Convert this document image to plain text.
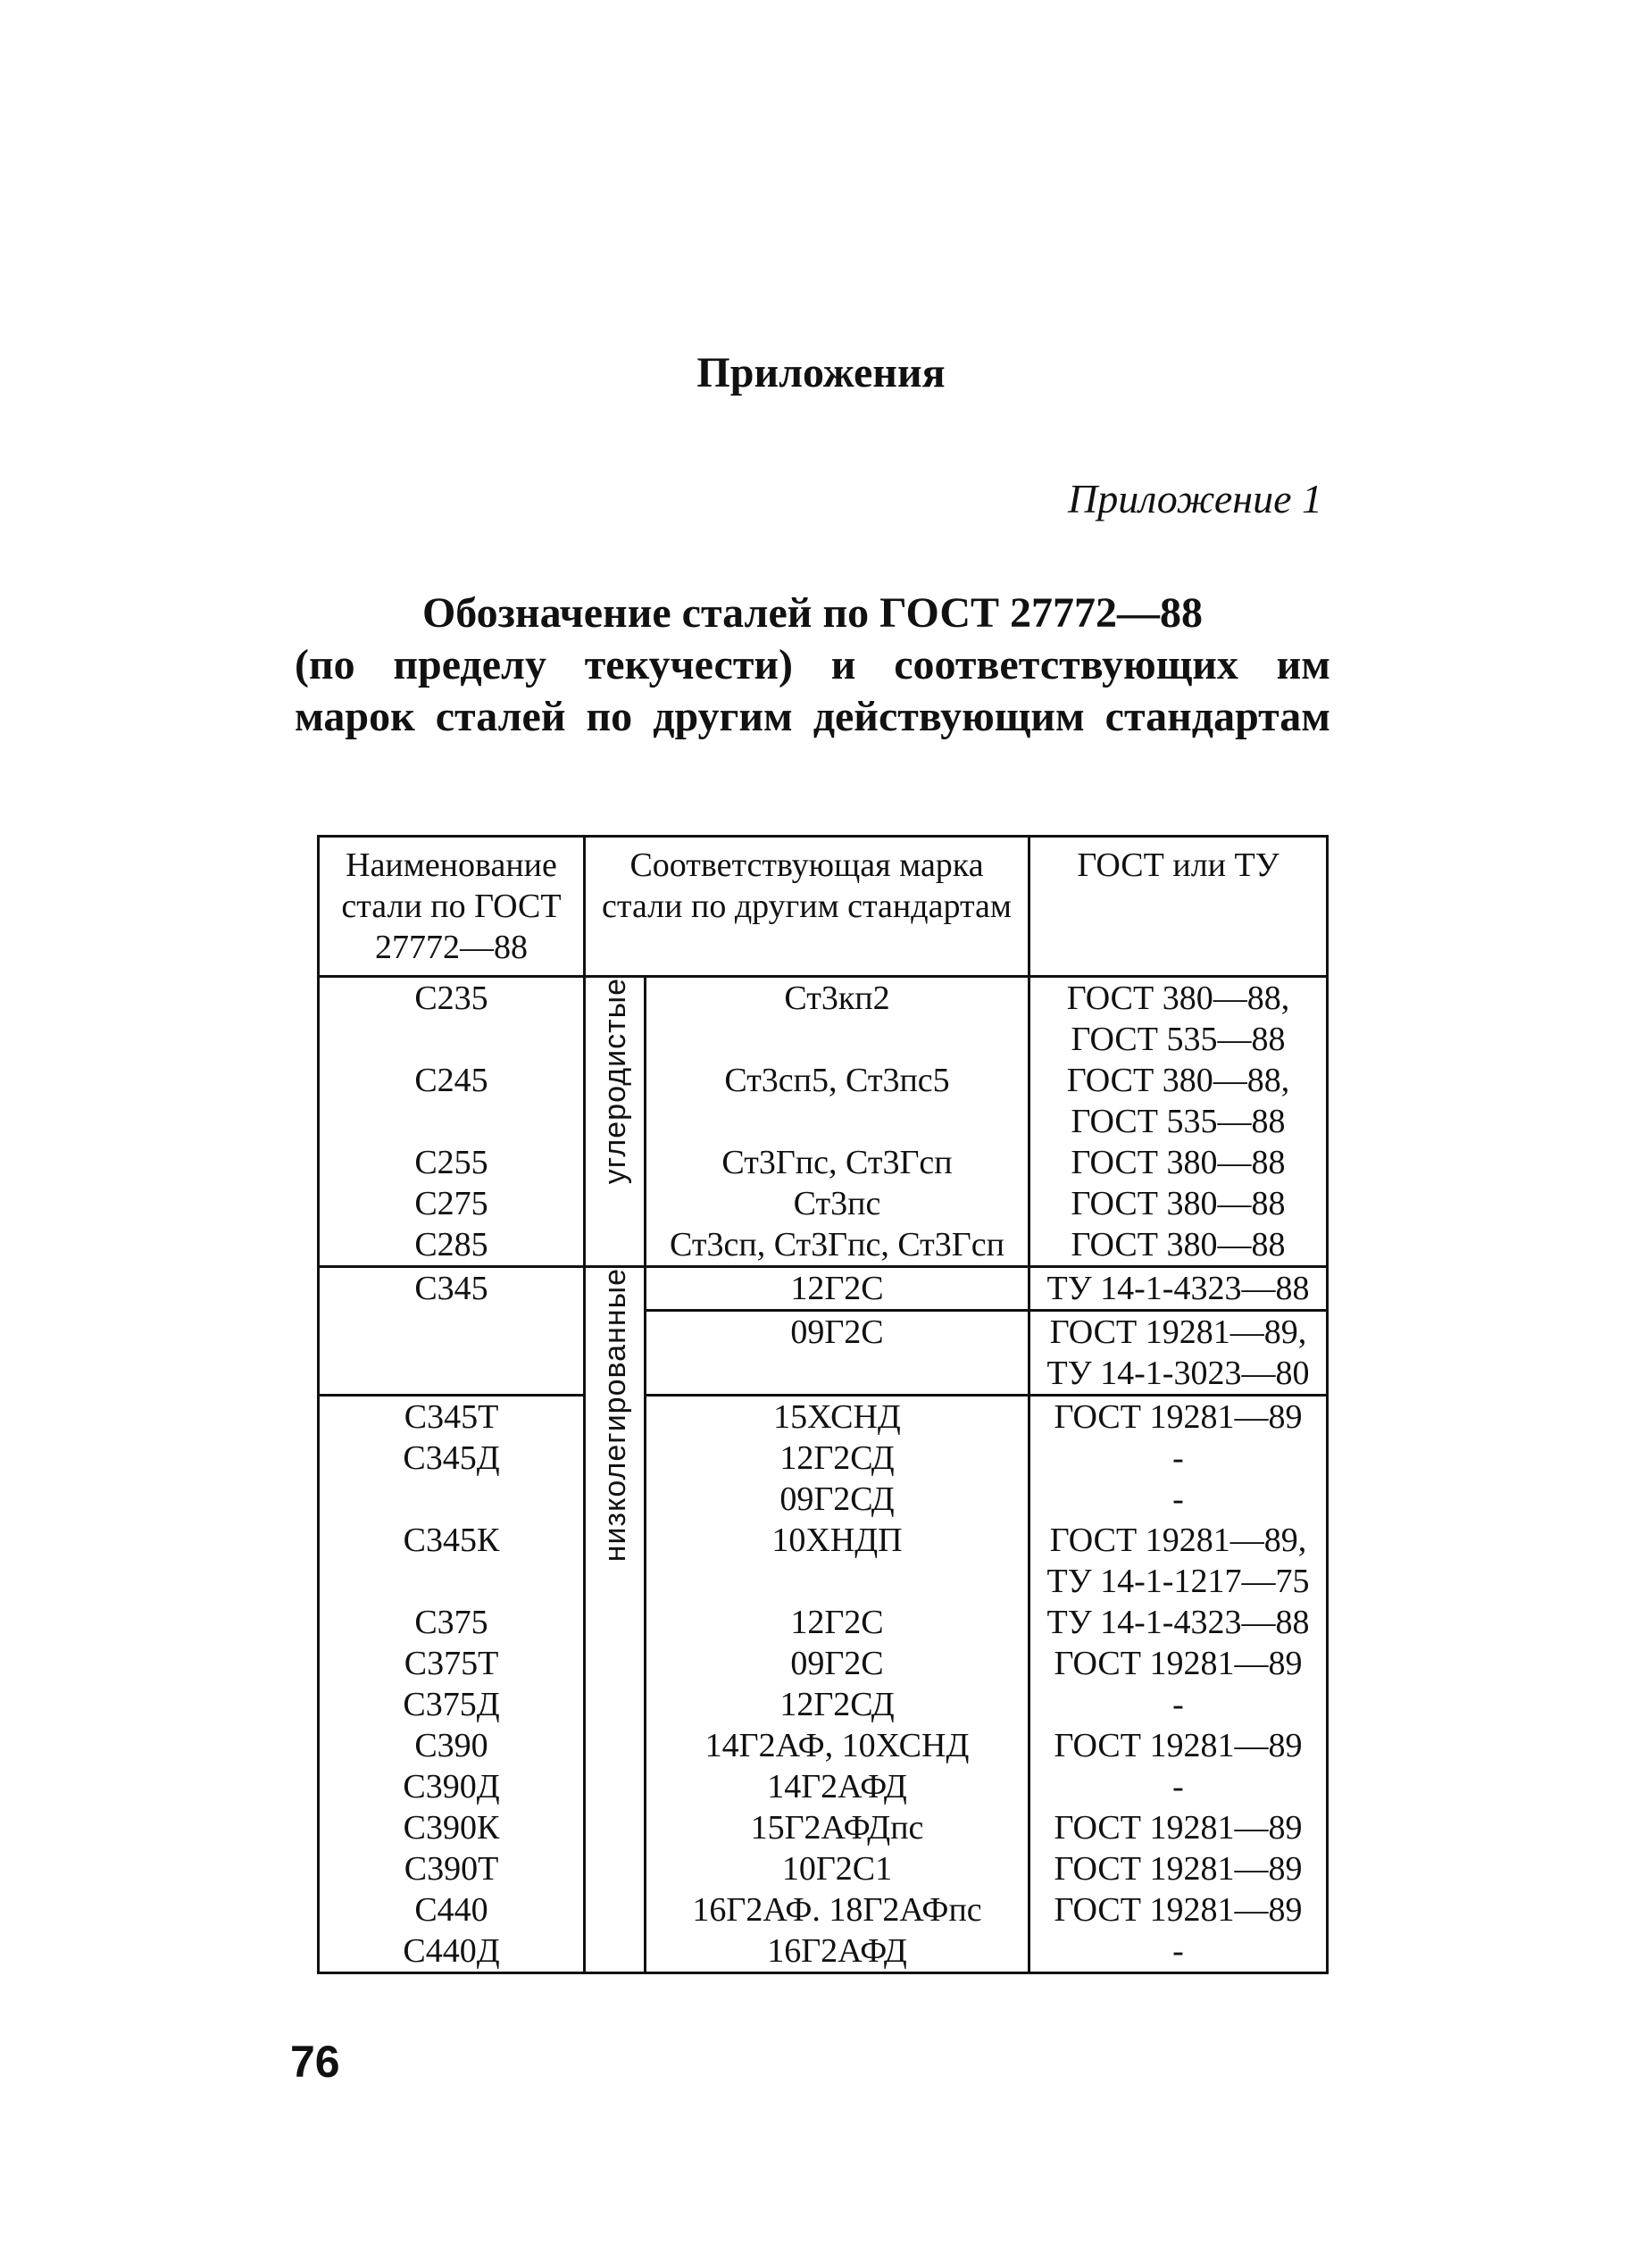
Приложения
Приложение 1
Обозначение сталей по ГОСТ 27772—88
(по пределу текучести) и соответствующих им
марок сталей по другим действующим стандартам
Наименование стали по ГОСТ 27772—88	Соответствующая марка стали по другим стандартам		ГОСТ или ТУ

С235	углеродистые	Ст3кп2	ГОСТ 380—88,
ГОСТ 535—88

С245		Ст3сп5, Ст3пс5	ГОСТ 380—88,
ГОСТ 535—88

С255		Ст3Гпс, Ст3Гсп	ГОСТ 380—88

С275		Ст3пс	ГОСТ 380—88

С285		Ст3сп, Ст3Гпс, Ст3Гсп	ГОСТ 380—88

С345	низколегированные	12Г2С	ТУ 14-1-4323—88

		09Г2С	ГОСТ 19281—89,
ТУ 14-1-3023—80

С345Т		15ХСНД	ГОСТ 19281—89

С345Д		12Г2СД	-

		09Г2СД	-

С345К		10ХНДП	ГОСТ 19281—89,
ТУ 14-1-1217—75

С375		12Г2С	ТУ 14-1-4323—88

С375Т		09Г2С	ГОСТ 19281—89

С375Д		12Г2СД	-

С390		14Г2АФ, 10ХСНД	ГОСТ 19281—89

С390Д		14Г2АФД	-

С390К		15Г2АФДпс	ГОСТ 19281—89

С390Т		10Г2С1	ГОСТ 19281—89

С440		16Г2АФ. 18Г2АФпс	ГОСТ 19281—89

С440Д		16Г2АФД	-
76
